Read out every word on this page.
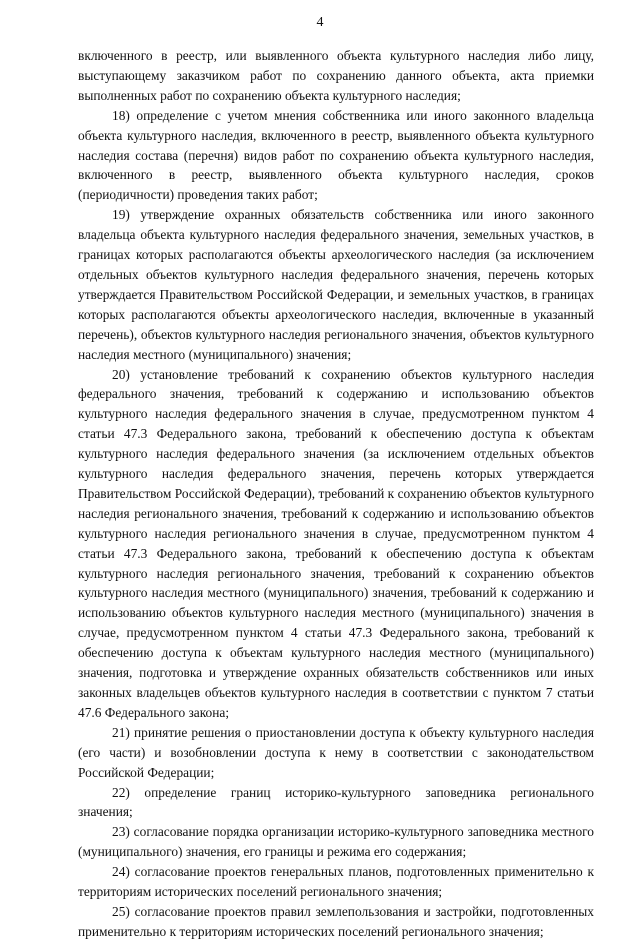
4

включенного в реестр, или выявленного объекта культурного наследия либо лицу, выступающему заказчиком работ по сохранению данного объекта, акта приемки выполненных работ по сохранению объекта культурного наследия;

18) определение с учетом мнения собственника или иного законного владельца объекта культурного наследия, включенного в реестр, выявленного объекта культурного наследия состава (перечня) видов работ по сохранению объекта культурного наследия, включенного в реестр, выявленного объекта культурного наследия, сроков (периодичности) проведения таких работ;

19) утверждение охранных обязательств собственника или иного законного владельца объекта культурного наследия федерального значения, земельных участков, в границах которых располагаются объекты археологического наследия (за исключением отдельных объектов культурного наследия федерального значения, перечень которых утверждается Правительством Российской Федерации, и земельных участков, в границах которых располагаются объекты археологического наследия, включенные в указанный перечень), объектов культурного наследия регионального значения, объектов культурного наследия местного (муниципального) значения;

20) установление требований к сохранению объектов культурного наследия федерального значения, требований к содержанию и использованию объектов культурного наследия федерального значения в случае, предусмотренном пунктом 4 статьи 47.3 Федерального закона, требований к обеспечению доступа к объектам культурного наследия федерального значения (за исключением отдельных объектов культурного наследия федерального значения, перечень которых утверждается Правительством Российской Федерации), требований к сохранению объектов культурного наследия регионального значения, требований к содержанию и использованию объектов культурного наследия регионального значения в случае, предусмотренном пунктом 4 статьи 47.3 Федерального закона, требований к обеспечению доступа к объектам культурного наследия регионального значения, требований к сохранению объектов культурного наследия местного (муниципального) значения, требований к содержанию и использованию объектов культурного наследия местного (муниципального) значения в случае, предусмотренном пунктом 4 статьи 47.3 Федерального закона, требований к обеспечению доступа к объектам культурного наследия местного (муниципального) значения, подготовка и утверждение охранных обязательств собственников или иных законных владельцев объектов культурного наследия в соответствии с пунктом 7 статьи 47.6 Федерального закона;

21) принятие решения о приостановлении доступа к объекту культурного наследия (его части) и возобновлении доступа к нему в соответствии с законодательством Российской Федерации;

22) определение границ историко-культурного заповедника регионального значения;

23) согласование порядка организации историко-культурного заповедника местного (муниципального) значения, его границы и режима его содержания;

24) согласование проектов генеральных планов, подготовленных применительно к территориям исторических поселений регионального значения;

25) согласование проектов правил землепользования и застройки, подготовленных применительно к территориям исторических поселений регионального значения;
